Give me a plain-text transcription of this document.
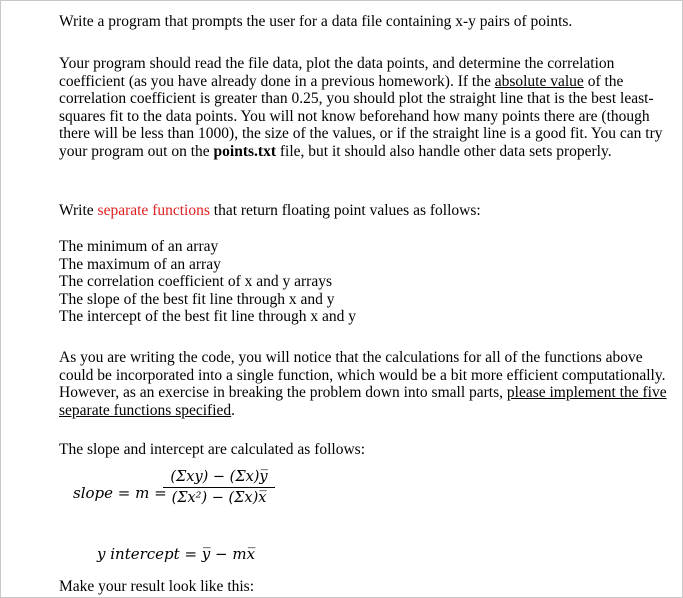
Write a program that prompts the user for a data file containing x-y pairs of points.

Your program should read the file data, plot the data points, and determine the correlation coefficient (as you have already done in a previous homework). If the absolute value of the correlation coefficient is greater than 0.25, you should plot the straight line that is the best least-squares fit to the data points. You will not know beforehand how many points there are (though there will be less than 1000), the size of the values, or if the straight line is a good fit. You can try your program out on the points.txt file, but it should also handle other data sets properly.

Write separate functions that return floating point values as follows:

The minimum of an array
The maximum of an array
The correlation coefficient of x and y arrays
The slope of the best fit line through x and y
The intercept of the best fit line through x and y

As you are writing the code, you will notice that the calculations for all of the functions above could be incorporated into a single function, which would be a bit more efficient computationally. However, as an exercise in breaking the problem down into small parts, please implement the five separate functions specified.

The slope and intercept are calculated as follows:

slope = m =
(Σxy) − (Σx)y̅
(Σx²) − (Σx)x̅
y intercept = y̅ − mx̅

Make your result look like this:
